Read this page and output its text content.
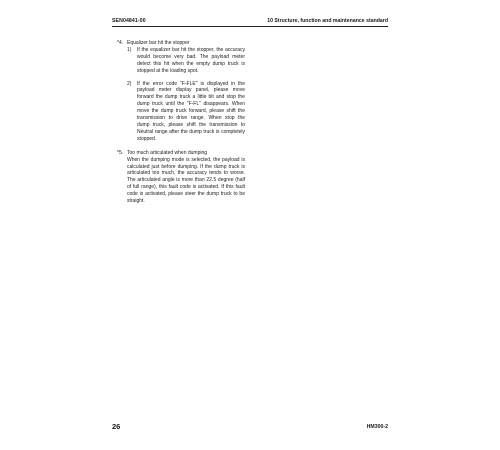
SEN04841-00	10 Structure, function and maintenance standard
*4. Equalizer bar hit the stopper

1) If the equalizer bar hit the stopper, the accuracy would become very bad. The payload meter detect this hit when the empty dump truck is stopped at the loading spot.
2) If the error code "F-FLE" is displayed in the payload meter display panel, please move forward the dump truck a little bit and stop the dump truck until the "F-FL" disappears. When move the dump truck forward, please shift the transmission to drive range. When stop the dump truck, please shift the transmission to Neutral range after the dump truck is completely stopped.
*5. Too much articulated when dumping

When the dumping mode is selected, the payload is calculated just before dumping. If the dump truck is articulated too much, the accuracy tends to worse. The articulated angle is more than 22.5 degree (half of full range), this fault code is activated. If this fault code is activated, please steer the dump truck to be straight.

26	HM300-2
